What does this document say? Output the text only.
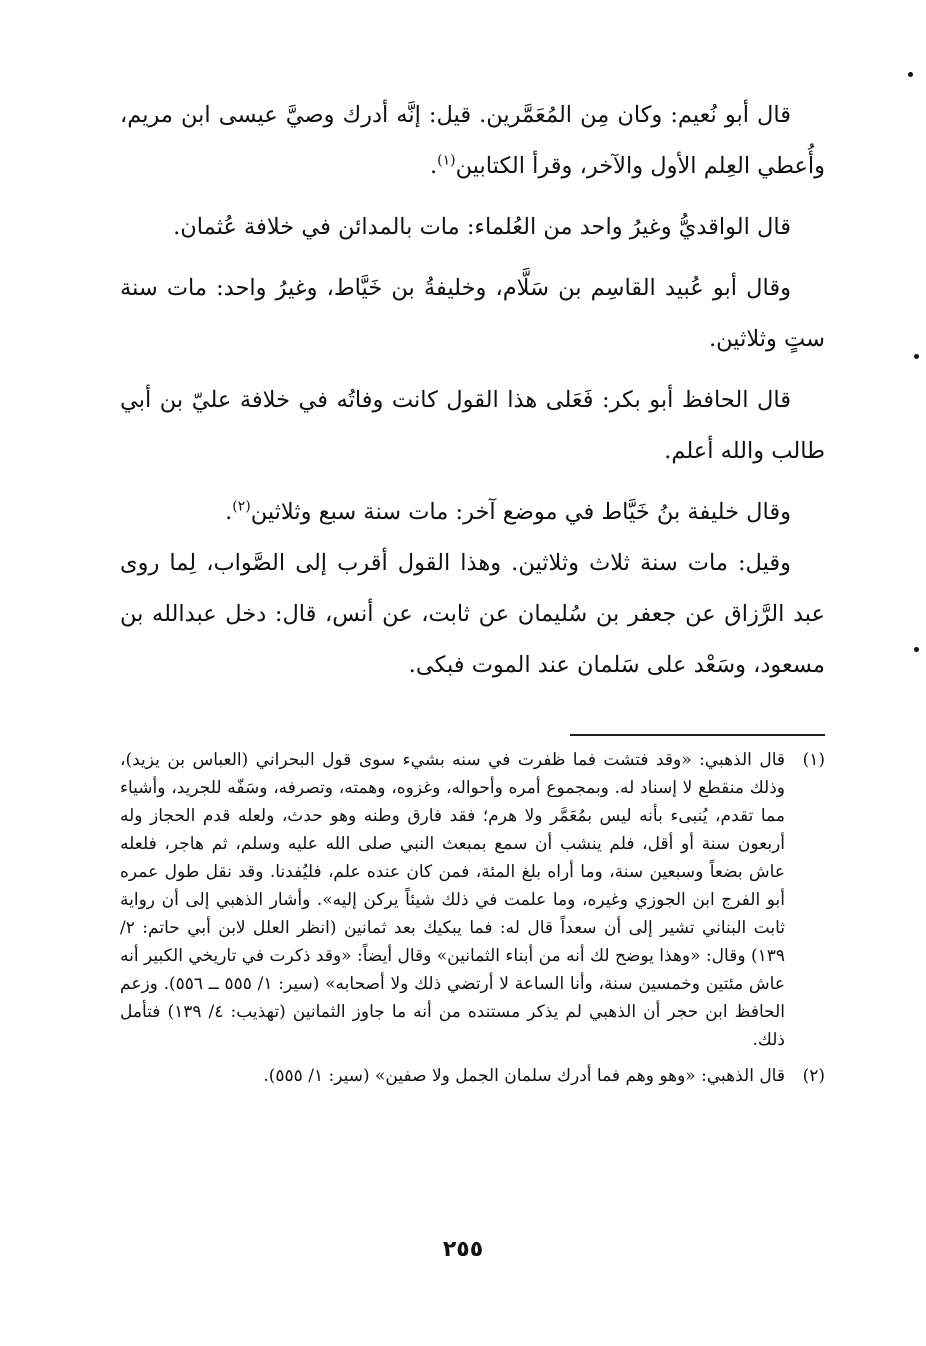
قال أبو نُعيم: وكان مِن المُعَمَّرين. قيل: إنَّه أدرك وصيَّ عيسى ابن مريم، وأُعطي العِلم الأول والآخر، وقرأ الكتابين$^{(١)}$.

قال الواقديُّ وغيرُ واحد من العُلماء: مات بالمدائن في خلافة عُثمان.

وقال أبو عُبيد القاسِم بن سَلَّام، وخليفةُ بن خَيَّاط، وغيرُ واحد: مات سنة ستٍ وثلاثين.

قال الحافظ أبو بكر: فَعَلى هذا القول كانت وفاتُه في خلافة عليّ بن أبي طالب والله أعلم.

وقال خليفة بنُ خَيَّاط في موضع آخر: مات سنة سبع وثلاثين$^{(٢)}$.

وقيل: مات سنة ثلاث وثلاثين. وهذا القول أقرب إلى الصَّواب، لِما روى عبد الرَّزاق عن جعفر بن سُليمان عن ثابت، عن أنس، قال: دخل عبدالله بن مسعود، وسَعْد على سَلمان عند الموت فبكى.

(١)
قال الذهبي: «وقد فتشت فما ظفرت في سنه بشيء سوى قول البحراني (العباس بن يزيد)، وذلك منقطع لا إسناد له. وبمجموع أمره وأحواله، وغزوه، وهمته، وتصرفه، وسَفّه للجريد، وأشياء مما تقدم، يُنبىء بأنه ليس بمُعَمَّر ولا هرم؛ فقد فارق وطنه وهو حدث، ولعله قدم الحجاز وله أربعون سنة أو أقل، فلم ينشب أن سمع بمبعث النبي صلى الله عليه وسلم، ثم هاجر، فلعله عاش بضعاً وسبعين سنة، وما أراه بلغ المئة، فمن كان عنده علم، فليُفدنا. وقد نقل طول عمره أبو الفرج ابن الجوزي وغيره، وما علمت في ذلك شيئاً يركن إليه». وأشار الذهبي إلى أن رواية ثابت البناني تشير إلى أن سعداً قال له: فما يبكيك بعد ثمانين (انظر العلل لابن أبي حاتم: ٢/ ١٣٩) وقال: «وهذا يوضح لك أنه من أبناء الثمانين» وقال أيضاً: «وقد ذكرت في تاريخي الكبير أنه عاش مئتين وخمسين سنة، وأنا الساعة لا أرتضي ذلك ولا أصحابه» (سير: ١/ ٥٥٥ ــ ٥٥٦). وزعم الحافظ ابن حجر أن الذهبي لم يذكر مستنده من أنه ما جاوز الثمانين (تهذيب: ٤/ ١٣٩) فتأمل ذلك.
(٢)
قال الذهبي: «وهو وهم فما أدرك سلمان الجمل ولا صفين» (سير: ١/ ٥٥٥).
٢٥٥
